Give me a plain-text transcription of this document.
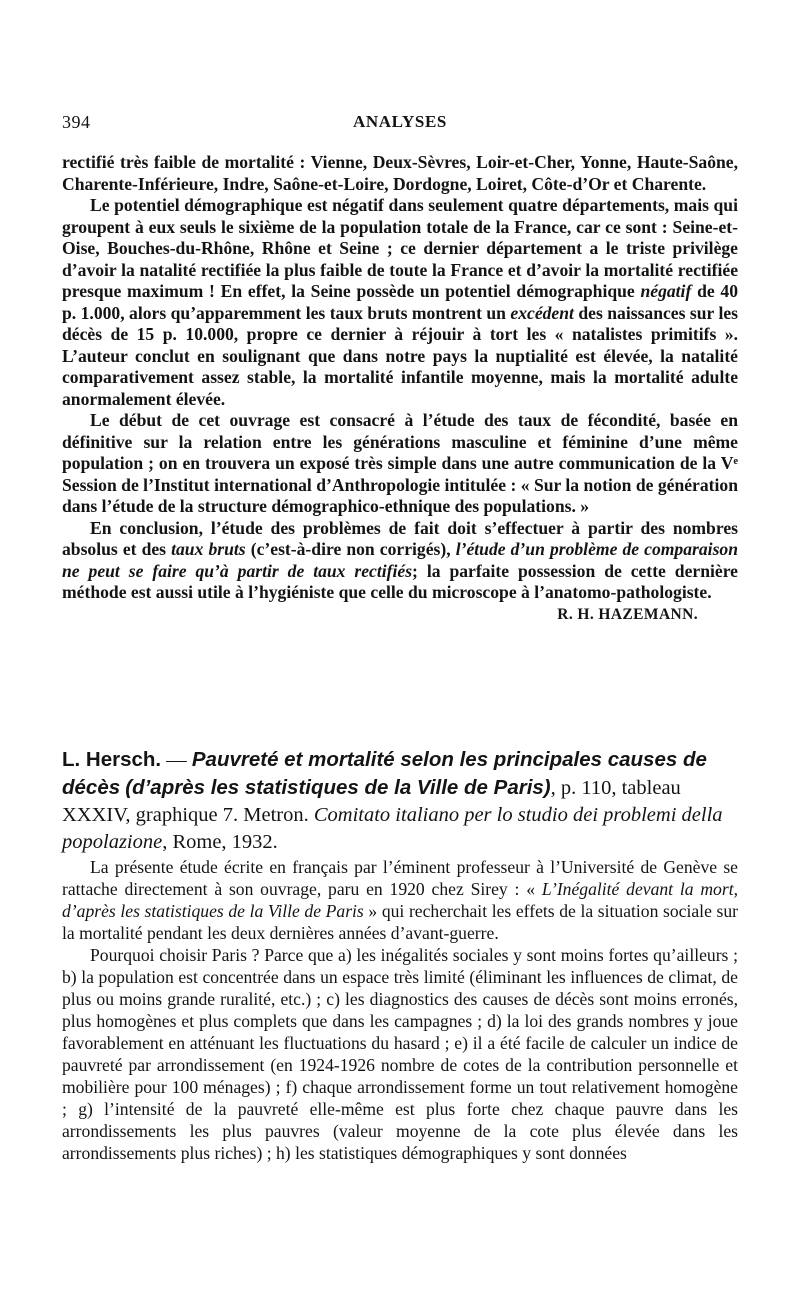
394	ANALYSES

rectifié très faible de mortalité : Vienne, Deux-Sèvres, Loir-et-Cher, Yonne, Haute-Saône, Charente-Inférieure, Indre, Saône-et-Loire, Dordogne, Loiret, Côte-d’Or et Charente.

Le potentiel démographique est négatif dans seulement quatre départements, mais qui groupent à eux seuls le sixième de la population totale de la France, car ce sont : Seine-et-Oise, Bouches-du-Rhône, Rhône et Seine ; ce dernier département a le triste privilège d’avoir la natalité rectifiée la plus faible de toute la France et d’avoir la mortalité rectifiée presque maximum ! En effet, la Seine possède un potentiel démographique négatif de 40 p. 1.000, alors qu’apparemment les taux bruts montrent un excédent des naissances sur les décès de 15 p. 10.000, propre ce dernier à réjouir à tort les « natalistes primitifs ». L’auteur conclut en soulignant que dans notre pays la nuptialité est élevée, la natalité comparativement assez stable, la mortalité infantile moyenne, mais la mortalité adulte anormalement élevée.

Le début de cet ouvrage est consacré à l’étude des taux de fécondité, basée en définitive sur la relation entre les générations masculine et féminine d’une même population ; on en trouvera un exposé très simple dans une autre communication de la Vᵉ Session de l’Institut international d’Anthropologie intitulée : « Sur la notion de génération dans l’étude de la structure démographico-ethnique des populations. »

En conclusion, l’étude des problèmes de fait doit s’effectuer à partir des nombres absolus et des taux bruts (c’est-à-dire non corrigés), l’étude d’un problème de comparaison ne peut se faire qu’à partir de taux rectifiés; la parfaite possession de cette dernière méthode est aussi utile à l’hygiéniste que celle du microscope à l’anatomo-pathologiste.
R. H. HAZEMANN.

L. Hersch. — Pauvreté et mortalité selon les principales causes de décès (d’après les statistiques de la Ville de Paris), p. 110, tableau XXXIV, graphique 7. Metron. Comitato italiano per lo studio dei problemi della popolazione, Rome, 1932.

La présente étude écrite en français par l’éminent professeur à l’Université de Genève se rattache directement à son ouvrage, paru en 1920 chez Sirey : « L’Inégalité devant la mort, d’après les statistiques de la Ville de Paris » qui recherchait les effets de la situation sociale sur la mortalité pendant les deux dernières années d’avant-guerre.

Pourquoi choisir Paris ? Parce que a) les inégalités sociales y sont moins fortes qu’ailleurs ; b) la population est concentrée dans un espace très limité (éliminant les influences de climat, de plus ou moins grande ruralité, etc.) ; c) les diagnostics des causes de décès sont moins erronés, plus homogènes et plus complets que dans les campagnes ; d) la loi des grands nombres y joue favorablement en atténuant les fluctuations du hasard ; e) il a été facile de calculer un indice de pauvreté par arrondissement (en 1924-1926 nombre de cotes de la contribution personnelle et mobilière pour 100 ménages) ; f) chaque arrondissement forme un tout relativement homogène ; g) l’intensité de la pauvreté elle-même est plus forte chez chaque pauvre dans les arrondissements les plus pauvres (valeur moyenne de la cote plus élevée dans les arrondissements plus riches) ; h) les statistiques démographiques y sont données
